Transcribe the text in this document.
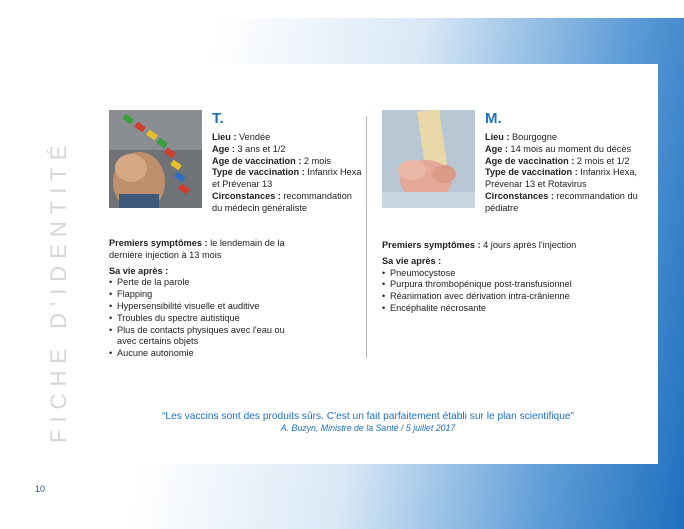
FICHE D'IDENTITÉ
T.
Lieu : Vendée
Age : 3 ans et 1/2
Age de vaccination : 2 mois
Type de vaccination : Infanrix Hexa et Prévenar 13
Circonstances : recommandation du médecin généraliste
Premiers symptômes : le lendemain de la dernière injection à 13 mois
Sa vie après :
• Perte de la parole
• Flapping
• Hypersensibilité visuelle et auditive
• Troubles du spectre autistique
• Plus de contacts physiques avec l'eau ou avec certains objets
• Aucune autonomie
M.
Lieu : Bourgogne
Age : 14 mois au moment du décès
Age de vaccination : 2 mois et 1/2
Type de vaccination : Infanrix Hexa, Prévenar 13 et Rotavirus
Circonstances : recommandation du pédiatre
Premiers symptômes : 4 jours après l'injection
Sa vie après :
• Pneumocystose
• Purpura thrombopénique post-transfusionnel
• Réanimation avec dérivation intra-crânienne
• Encéphalite nécrosante
“Les vaccins sont des produits sûrs. C'est un fait parfaitement établi sur le plan scientifique”
A. Buzyn, Ministre de la Santé / 5 juillet 2017
10
